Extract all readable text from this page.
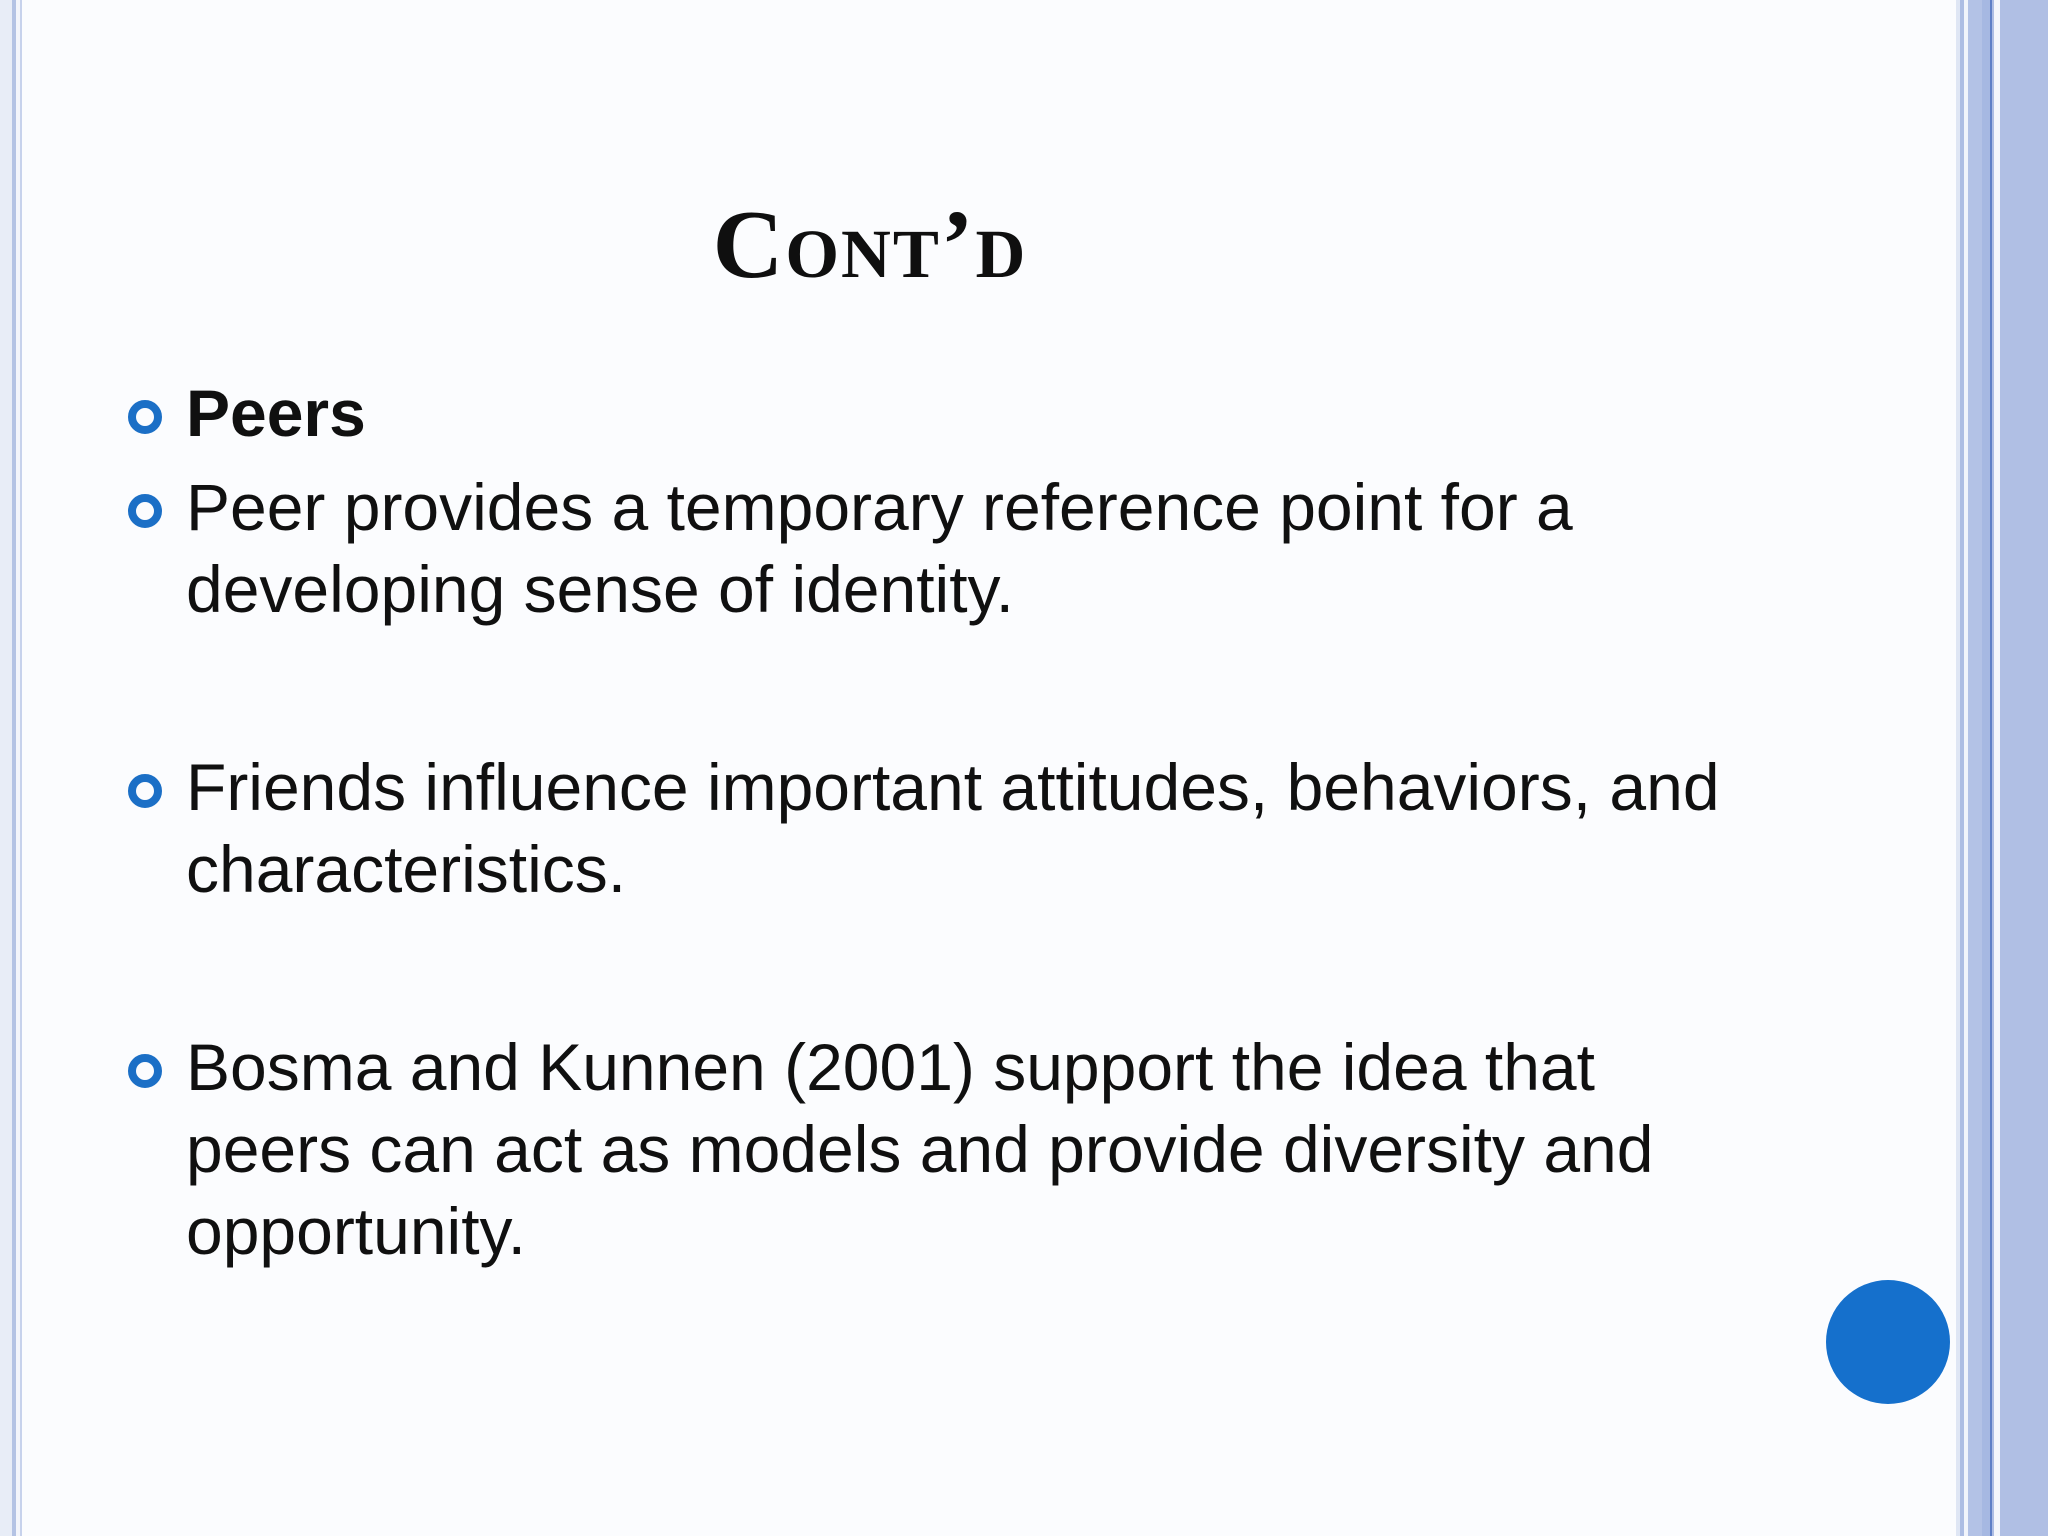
Cont’d
Peers
Peer provides a temporary reference point for a developing sense of identity.
Friends influence important attitudes, behaviors, and characteristics.
Bosma and Kunnen (2001) support the idea that peers can act as models and provide diversity and opportunity.
